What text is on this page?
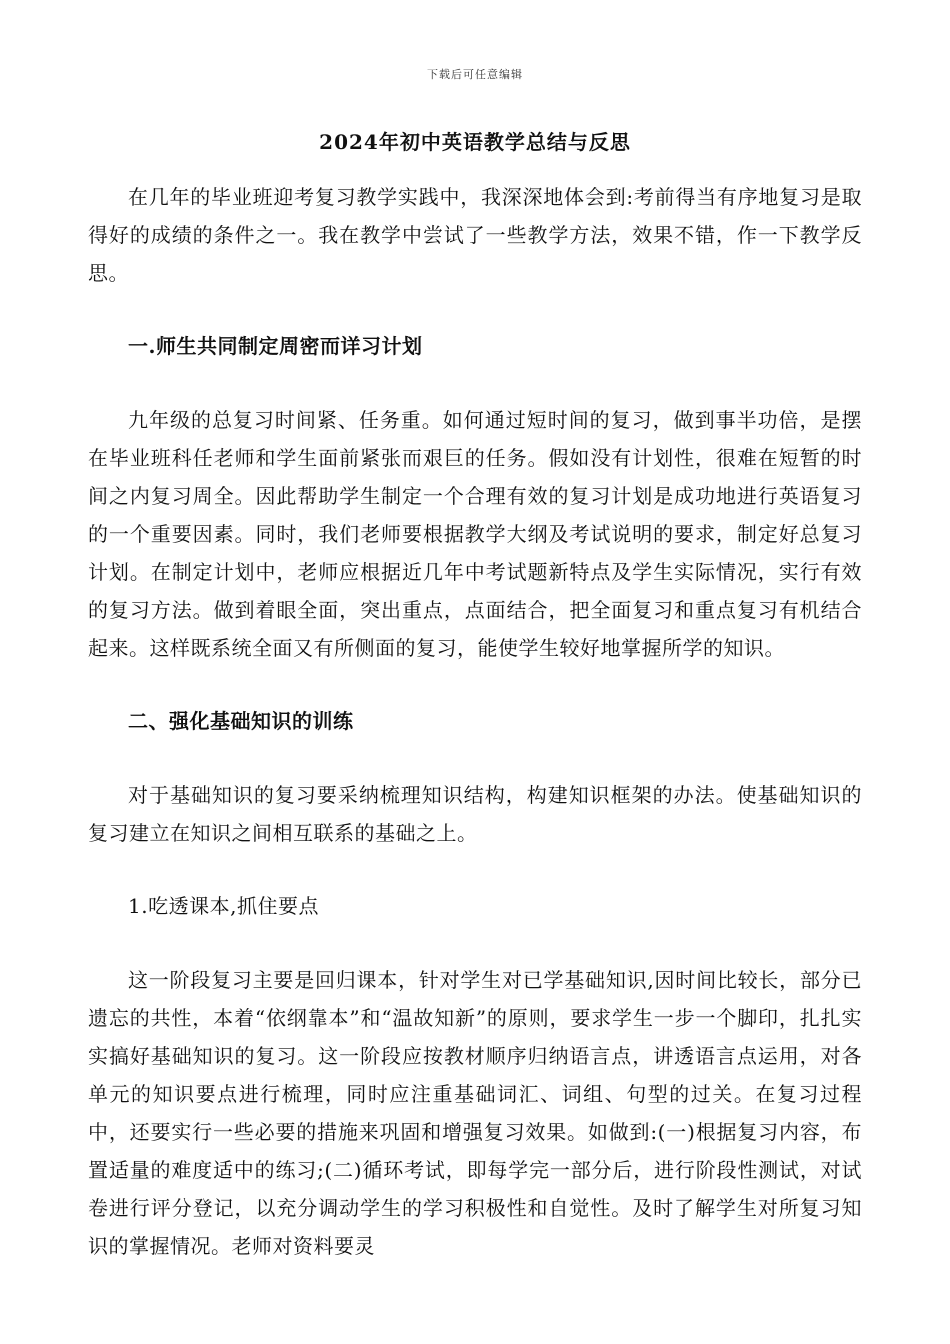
下载后可任意编辑
2024年初中英语教学总结与反思

在几年的毕业班迎考复习教学实践中，我深深地体会到:考前得当有序地复习是取得好的成绩的条件之一。我在教学中尝试了一些教学方法，效果不错，作一下教学反思。

一.师生共同制定周密而详习计划

九年级的总复习时间紧、任务重。如何通过短时间的复习，做到事半功倍，是摆在毕业班科任老师和学生面前紧张而艰巨的任务。假如没有计划性，很难在短暂的时间之内复习周全。因此帮助学生制定一个合理有效的复习计划是成功地进行英语复习的一个重要因素。同时，我们老师要根据教学大纲及考试说明的要求，制定好总复习计划。在制定计划中，老师应根据近几年中考试题新特点及学生实际情况，实行有效的复习方法。做到着眼全面，突出重点，点面结合，把全面复习和重点复习有机结合起来。这样既系统全面又有所侧面的复习，能使学生较好地掌握所学的知识。

二、强化基础知识的训练

对于基础知识的复习要采纳梳理知识结构，构建知识框架的办法。使基础知识的复习建立在知识之间相互联系的基础之上。

1.吃透课本,抓住要点

这一阶段复习主要是回归课本，针对学生对已学基础知识,因时间比较长，部分已遗忘的共性，本着“依纲靠本”和“温故知新”的原则，要求学生一步一个脚印，扎扎实实搞好基础知识的复习。这一阶段应按教材顺序归纳语言点，讲透语言点运用，对各单元的知识要点进行梳理，同时应注重基础词汇、词组、句型的过关。在复习过程中，还要实行一些必要的措施来巩固和增强复习效果。如做到:(一)根据复习内容，布置适量的难度适中的练习;(二)循环考试，即每学完一部分后，进行阶段性测试，对试卷进行评分登记，以充分调动学生的学习积极性和自觉性。及时了解学生对所复习知识的掌握情况。老师对资料要灵
